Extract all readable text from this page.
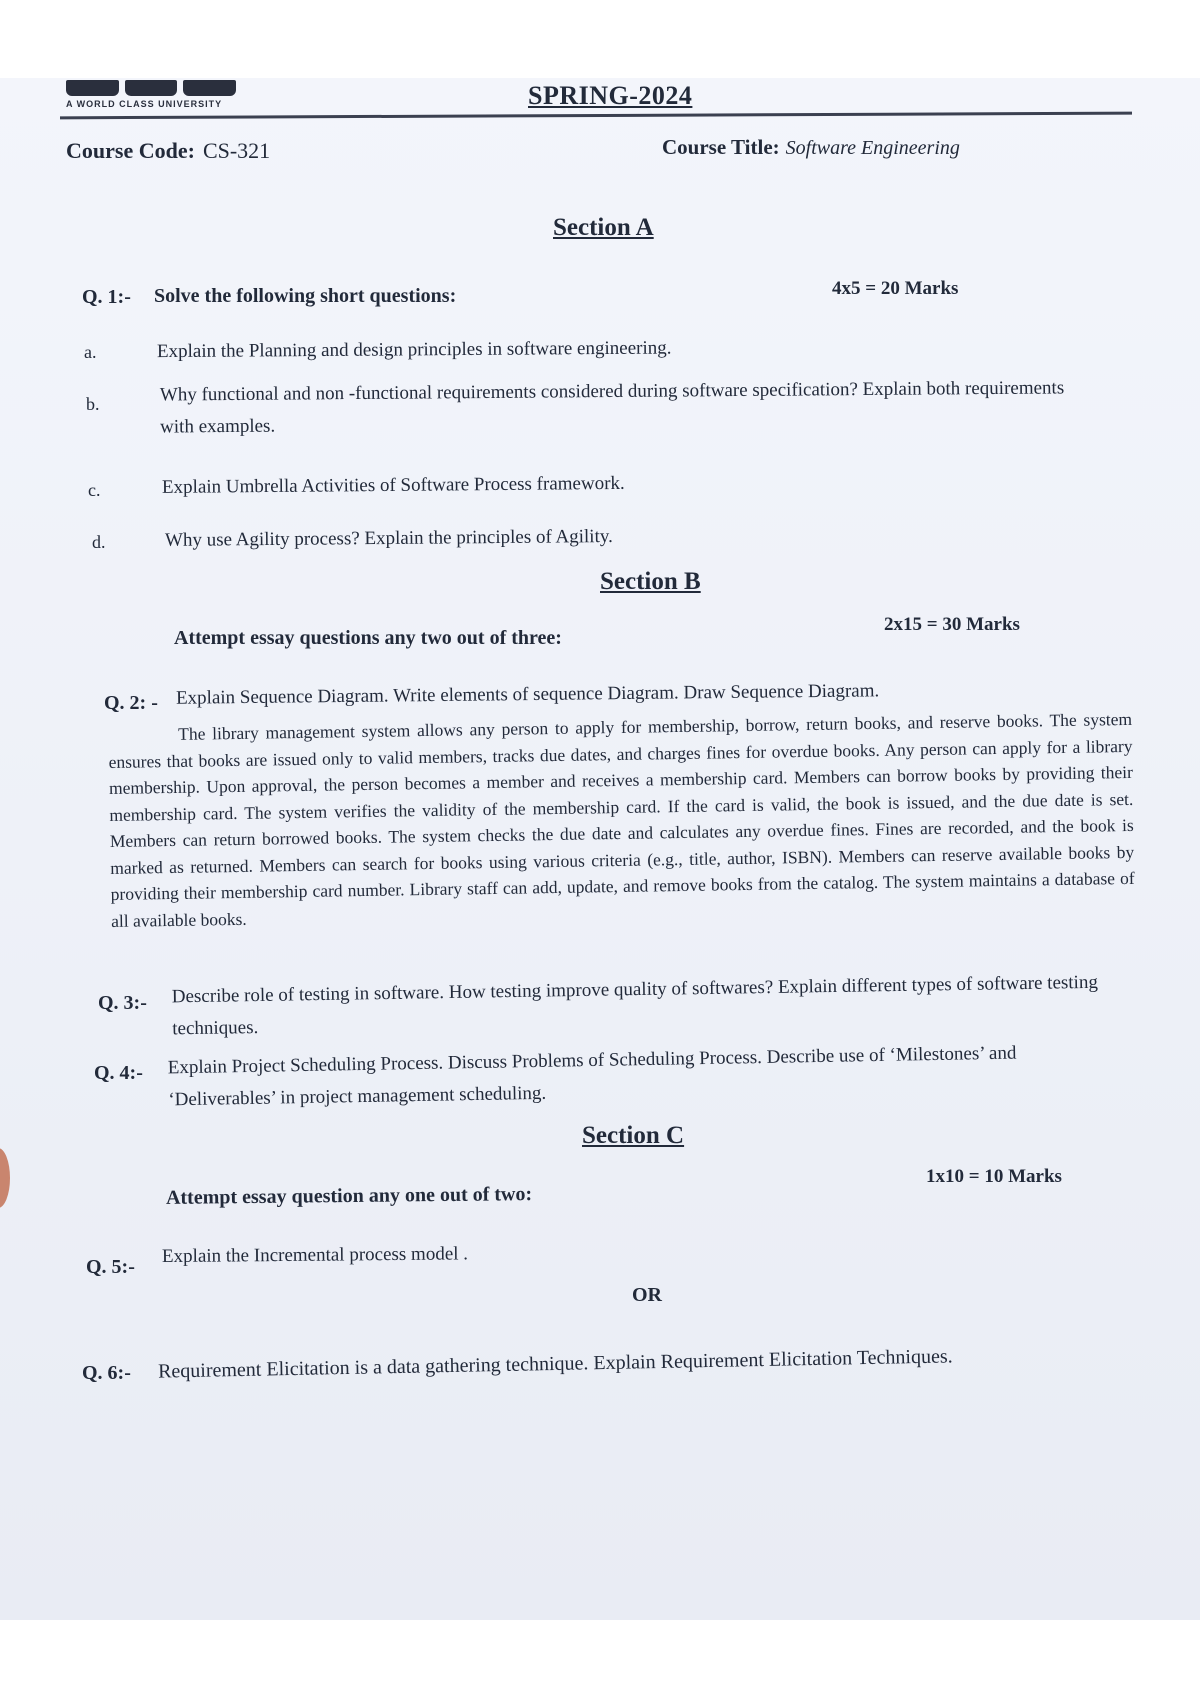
A WORLD CLASS UNIVERSITY	SPRING-2024
Course Code: CS-321	Course Title: Software Engineering
Section A
Q. 1:- Solve the following short questions:	4x5 = 20 Marks
a.	Explain the Planning and design principles in software engineering.
b.	Why functional and non -functional requirements considered during software specification? Explain both requirements with examples.
c.	Explain Umbrella Activities of Software Process framework.
d.	Why use Agility process? Explain the principles of Agility.
Section B
Attempt essay questions any two out of three:
2x15 = 30 Marks
Q. 2: - Explain Sequence Diagram. Write elements of sequence Diagram. Draw Sequence Diagram.
The library management system allows any person to apply for membership, borrow, return books, and reserve books. The system ensures that books are issued only to valid members, tracks due dates, and charges fines for overdue books. Any person can apply for a library membership. Upon approval, the person becomes a member and receives a membership card. Members can borrow books by providing their membership card. The system verifies the validity of the membership card. If the card is valid, the book is issued, and the due date is set. Members can return borrowed books. The system checks the due date and calculates any overdue fines. Fines are recorded, and the book is marked as returned. Members can search for books using various criteria (e.g., title, author, ISBN). Members can reserve available books by providing their membership card number. Library staff can add, update, and remove books from the catalog. The system maintains a database of all available books.
Q. 3:- Describe role of testing in software. How testing improve quality of softwares? Explain different types of software testing techniques.
Q. 4:- Explain Project Scheduling Process. Discuss Problems of Scheduling Process. Describe use of ‘Milestones’ and ‘Deliverables’ in project management scheduling.
Section C
Attempt essay question any one out of two:
1x10 = 10 Marks
Q. 5:- Explain the Incremental process model .
OR
Q. 6:- Requirement Elicitation is a data gathering technique. Explain Requirement Elicitation Techniques.
